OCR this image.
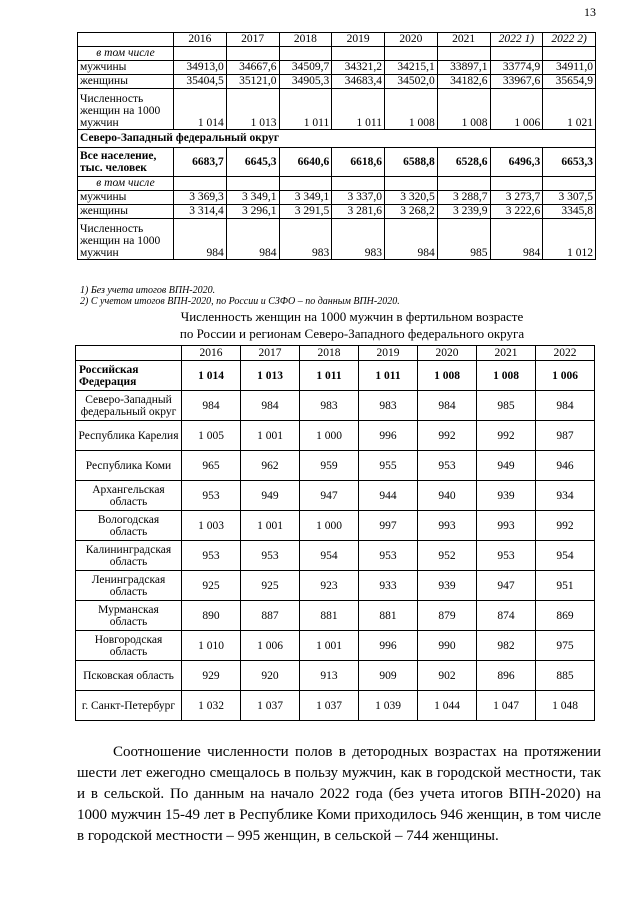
13
	2016	2017	2018	2019	2020	2021	2022 1)	2022 2)
в том числе								
мужчины	34913,0	34667,6	34509,7	34321,2	34215,1	33897,1	33774,9	34911,0
женщины	35404,5	35121,0	34905,3	34683,4	34502,0	34182,6	33967,6	35654,9
Численность женщин на 1000 мужчин	1 014	1 013	1 011	1 011	1 008	1 008	1 006	1 021
Северо-Западный федеральный округ								
Все население, тыс. человек	6683,7	6645,3	6640,6	6618,6	6588,8	6528,6	6496,3	6653,3
в том числе								
мужчины	3 369,3	3 349,1	3 349,1	3 337,0	3 320,5	3 288,7	3 273,7	3 307,5
женщины	3 314,4	3 296,1	3 291,5	3 281,6	3 268,2	3 239,9	3 222,6	3345,8
Численность женщин на 1000 мужчин	984	984	983	983	984	985	984	1 012
1) Без учета итогов ВПН-2020.
2) С учетом итогов ВПН-2020, по России и СЗФО – по данным ВПН-2020.
Численность женщин на 1000 мужчин в фертильном возрасте
по России и регионам Северо-Западного федерального округа
	2016	2017	2018	2019	2020	2021	2022
Российская Федерация	1 014	1 013	1 011	1 011	1 008	1 008	1 006
Северо-Западный федеральный округ	984	984	983	983	984	985	984
Республика Карелия	1 005	1 001	1 000	996	992	992	987
Республика Коми	965	962	959	955	953	949	946
Архангельская область	953	949	947	944	940	939	934
Вологодская область	1 003	1 001	1 000	997	993	993	992
Калининградская область	953	953	954	953	952	953	954
Ленинградская область	925	925	923	933	939	947	951
Мурманская область	890	887	881	881	879	874	869
Новгородская область	1 010	1 006	1 001	996	990	982	975
Псковская область	929	920	913	909	902	896	885
г. Санкт-Петербург	1 032	1 037	1 037	1 039	1 044	1 047	1 048

Соотношение численности полов в детородных возрастах на протяжении шести лет ежегодно смещалось в пользу мужчин, как в городской местности, так и в сельской. По данным на начало 2022 года (без учета итогов ВПН-2020) на 1000 мужчин 15-49 лет в Республике Коми приходилось 946 женщин, в том числе в городской местности – 995 женщин, в сельской – 744 женщины.
